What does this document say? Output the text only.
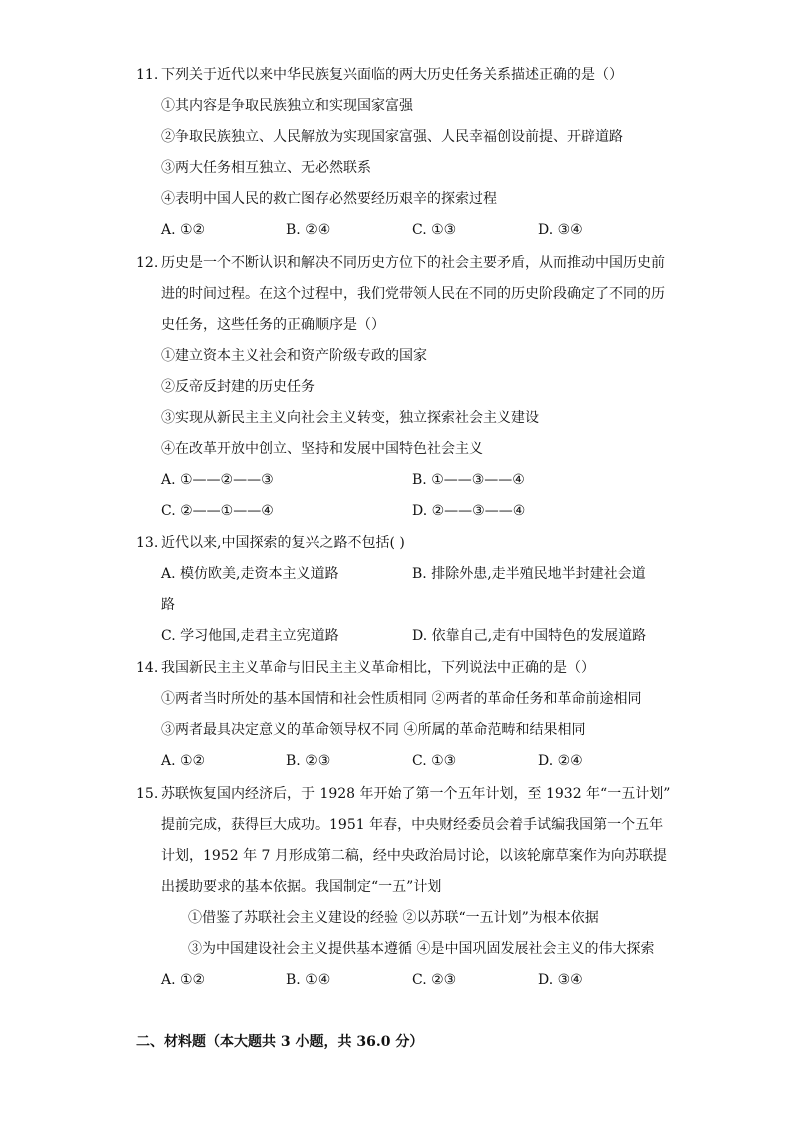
11. 下列关于近代以来中华民族复兴面临的两大历史任务关系描述正确的是（）
①其内容是争取民族独立和实现国家富强
②争取民族独立、人民解放为实现国家富强、人民幸福创设前提、开辟道路
③两大任务相互独立、无必然联系
④表明中国人民的救亡图存必然要经历艰辛的探索过程
A. ①②	B. ②④	C. ①③	D. ③④
12. 历史是一个不断认识和解决不同历史方位下的社会主要矛盾，从而推动中国历史前
进的时间过程。在这个过程中，我们党带领人民在不同的历史阶段确定了不同的历
史任务，这些任务的正确顺序是（）
①建立资本主义社会和资产阶级专政的国家
②反帝反封建的历史任务
③实现从新民主主义向社会主义转变，独立探索社会主义建设
④在改革开放中创立、坚持和发展中国特色社会主义
A. ①——②——③	B. ①——③——④
C. ②——①——④	D. ②——③——④
13. 近代以来,中国探索的复兴之路不包括( )
A. 模仿欧美,走资本主义道路	B. 排除外患,走半殖民地半封建社会道
路
C. 学习他国,走君主立宪道路	D. 依靠自己,走有中国特色的发展道路
14. 我国新民主主义革命与旧民主主义革命相比，下列说法中正确的是（）
①两者当时所处的基本国情和社会性质相同 ②两者的革命任务和革命前途相同
③两者最具决定意义的革命领导权不同 ④所属的革命范畴和结果相同
A. ①②	B. ②③	C. ①③	D. ②④
15. 苏联恢复国内经济后，于 1928 年开始了第一个五年计划，至 1932 年“一五计划”
提前完成，获得巨大成功。1951 年春，中央财经委员会着手试编我国第一个五年
计划，1952 年 7 月形成第二稿，经中央政治局讨论，以该轮廓草案作为向苏联提
出援助要求的基本依据。我国制定“一五”计划
①借鉴了苏联社会主义建设的经验 ②以苏联“一五计划”为根本依据
③为中国建设社会主义提供基本遵循 ④是中国巩固发展社会主义的伟大探索
A. ①②	B. ①④	C. ②③	D. ③④
二、材料题（本大题共 3 小题，共 36.0 分）
